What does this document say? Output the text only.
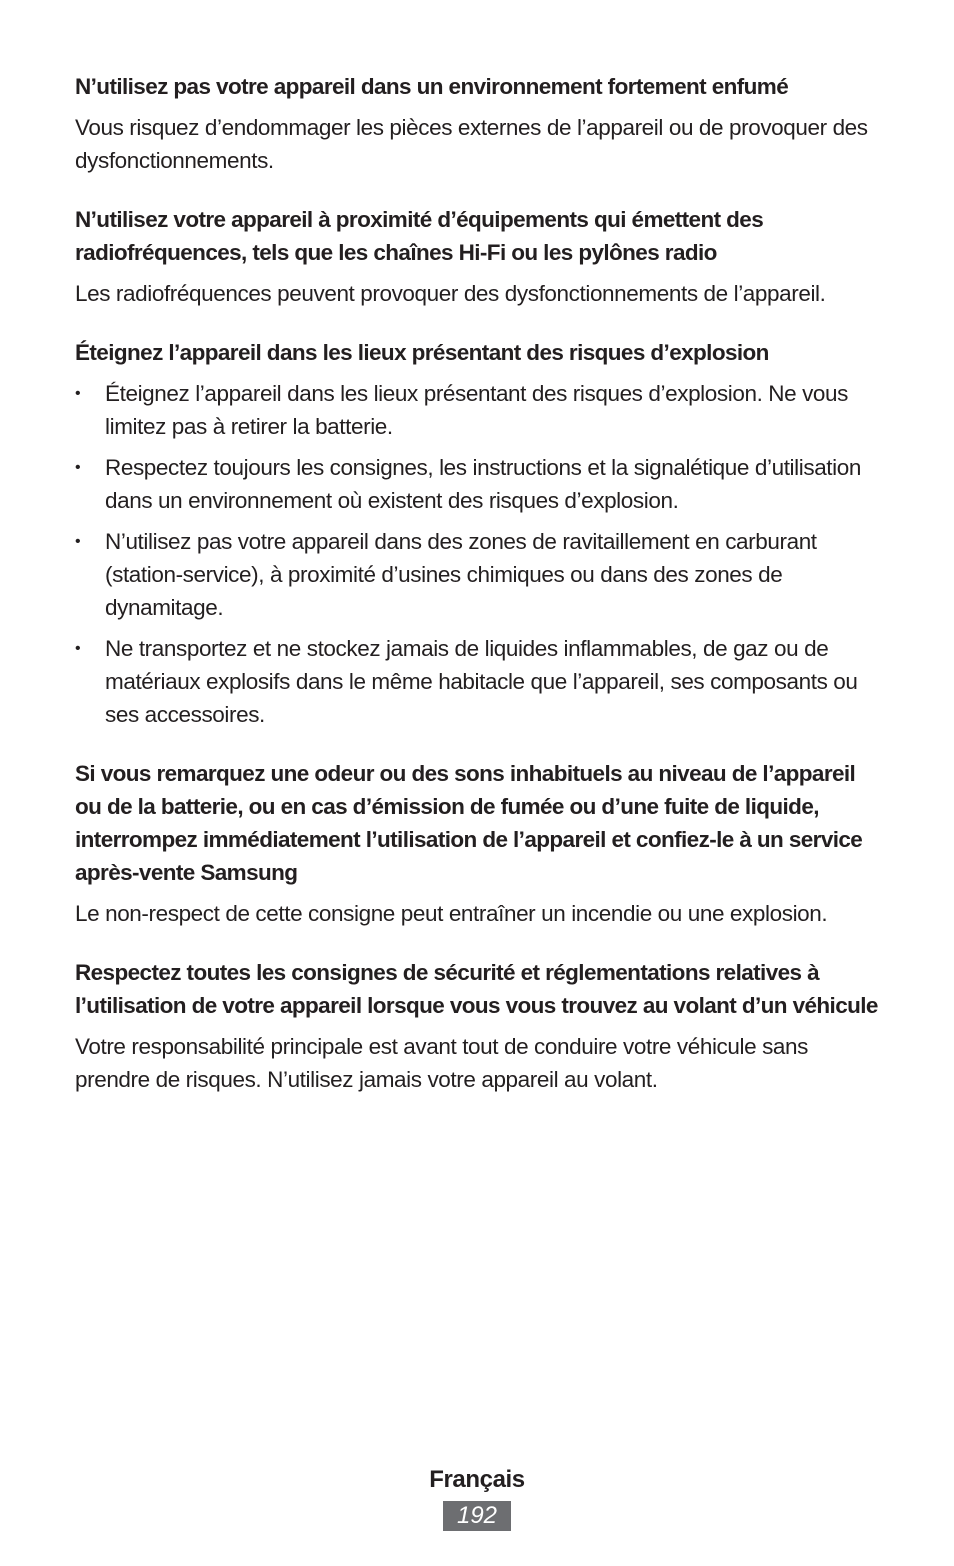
N’utilisez pas votre appareil dans un environnement fortement enfumé

Vous risquez d’endommager les pièces externes de l’appareil ou de provoquer des dysfonctionnements.

N’utilisez votre appareil à proximité d’équipements qui émettent des radiofréquences, tels que les chaînes Hi-Fi ou les pylônes radio

Les radiofréquences peuvent provoquer des dysfonctionnements de l’appareil.

Éteignez l’appareil dans les lieux présentant des risques d’explosion

• Éteignez l’appareil dans les lieux présentant des risques d’explosion. Ne vous limitez pas à retirer la batterie.
• Respectez toujours les consignes, les instructions et la signalétique d’utilisation dans un environnement où existent des risques d’explosion.
• N’utilisez pas votre appareil dans des zones de ravitaillement en carburant (station-service), à proximité d’usines chimiques ou dans des zones de dynamitage.
• Ne transportez et ne stockez jamais de liquides inflammables, de gaz ou de matériaux explosifs dans le même habitacle que l’appareil, ses composants ou ses accessoires.

Si vous remarquez une odeur ou des sons inhabituels au niveau de l’appareil ou de la batterie, ou en cas d’émission de fumée ou d’une fuite de liquide, interrompez immédiatement l’utilisation de l’appareil et confiez-le à un service après-vente Samsung

Le non-respect de cette consigne peut entraîner un incendie ou une explosion.

Respectez toutes les consignes de sécurité et réglementations relatives à l’utilisation de votre appareil lorsque vous vous trouvez au volant d’un véhicule

Votre responsabilité principale est avant tout de conduire votre véhicule sans prendre de risques. N’utilisez jamais votre appareil au volant.

Français
192
